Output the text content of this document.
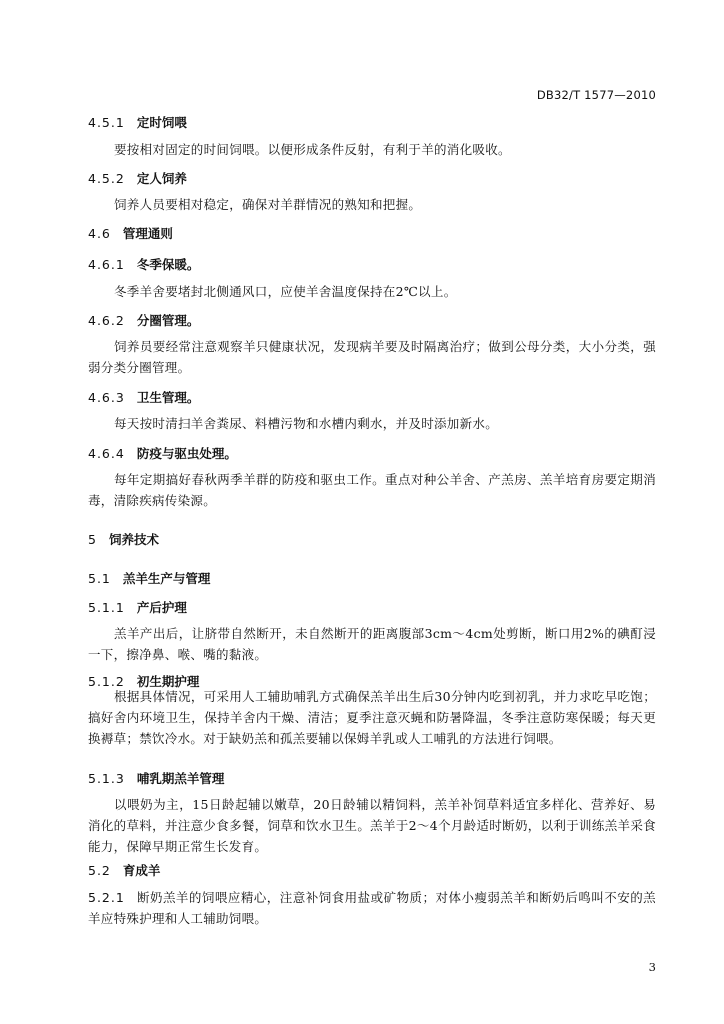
DB32/T 1577—2010
4.5.1 定时饲喂
要按相对固定的时间饲喂。以便形成条件反射，有利于羊的消化吸收。
4.5.2 定人饲养
饲养人员要相对稳定，确保对羊群情况的熟知和把握。
4.6 管理通则
4.6.1 冬季保暖。
冬季羊舍要堵封北侧通风口，应使羊舍温度保持在2℃以上。
4.6.2 分圈管理。
饲养员要经常注意观察羊只健康状况，发现病羊要及时隔离治疗；做到公母分类，大小分类，强弱分类分圈管理。
4.6.3 卫生管理。
每天按时清扫羊舍粪尿、料槽污物和水槽内剩水，并及时添加新水。
4.6.4 防疫与驱虫处理。
每年定期搞好春秋两季羊群的防疫和驱虫工作。重点对种公羊舍、产羔房、羔羊培育房要定期消毒，清除疾病传染源。
5 饲养技术
5.1 羔羊生产与管理
5.1.1 产后护理
羔羊产出后，让脐带自然断开，未自然断开的距离腹部3cm～4cm处剪断，断口用2%的碘酊浸一下，擦净鼻、喉、嘴的黏液。
5.1.2 初生期护理
根据具体情况，可采用人工辅助哺乳方式确保羔羊出生后30分钟内吃到初乳，并力求吃早吃饱；搞好舍内环境卫生，保持羊舍内干燥、清洁；夏季注意灭蝇和防暑降温，冬季注意防寒保暖；每天更换褥草；禁饮冷水。对于缺奶羔和孤羔要辅以保姆羊乳或人工哺乳的方法进行饲喂。
5.1.3 哺乳期羔羊管理
以喂奶为主，15日龄起辅以嫩草，20日龄辅以精饲料，羔羊补饲草料适宜多样化、营养好、易消化的草料，并注意少食多餐，饲草和饮水卫生。羔羊于2～4个月龄适时断奶，以利于训练羔羊采食能力，保障早期正常生长发育。
5.2 育成羊
5.2.1 断奶羔羊的饲喂应精心，注意补饲食用盐或矿物质；对体小瘦弱羔羊和断奶后鸣叫不安的羔羊应特殊护理和人工辅助饲喂。
3
